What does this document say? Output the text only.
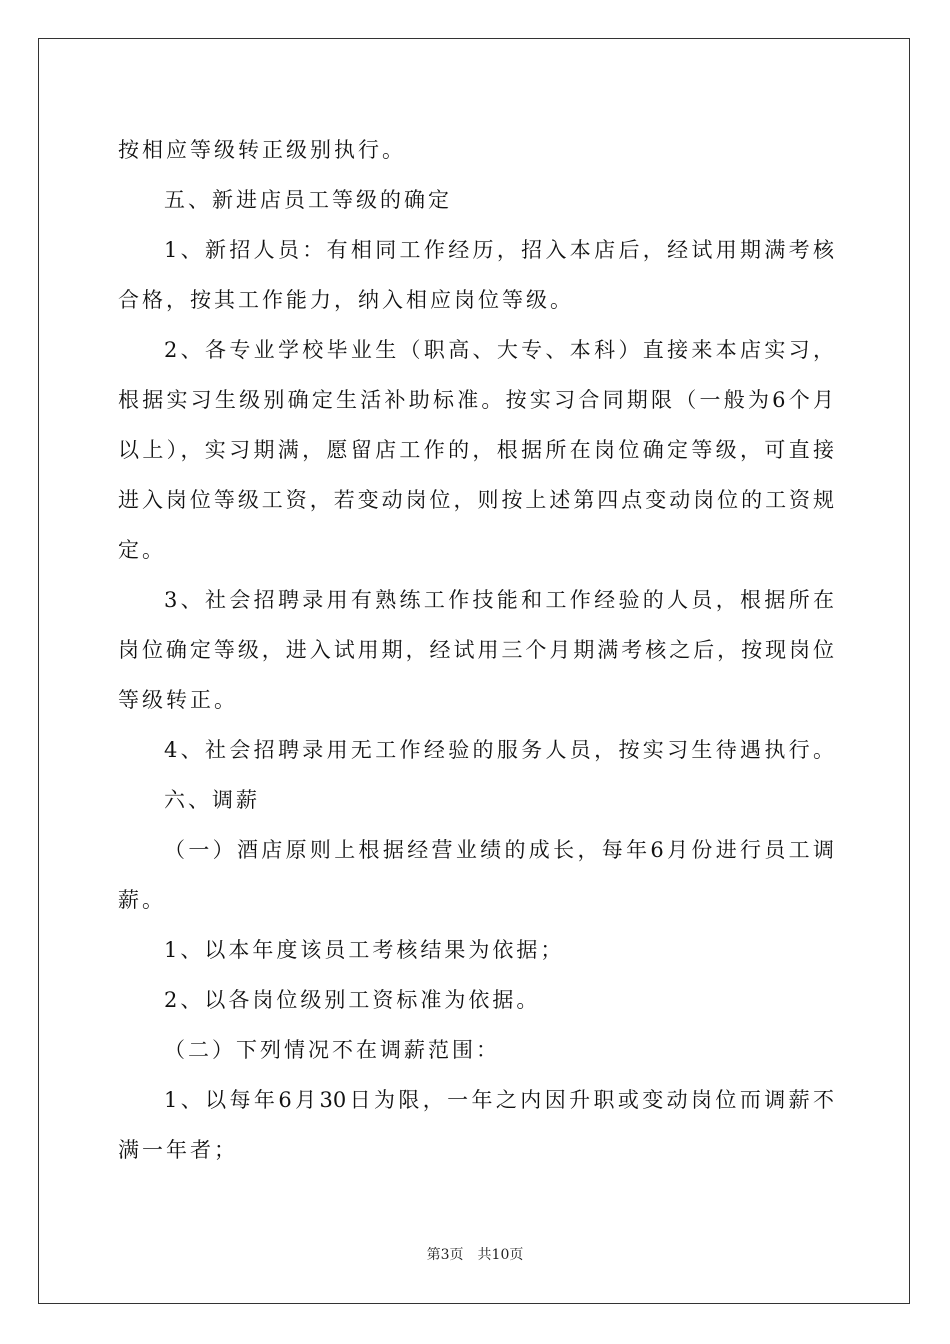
按相应等级转正级别执行。
五、新进店员工等级的确定
1、新招人员：有相同工作经历，招入本店后，经试用期满考核
合格，按其工作能力，纳入相应岗位等级。
2、各专业学校毕业生（职高、大专、本科）直接来本店实习，
根据实习生级别确定生活补助标准。按实习合同期限（一般为6个月
以上），实习期满，愿留店工作的，根据所在岗位确定等级，可直接
进入岗位等级工资，若变动岗位，则按上述第四点变动岗位的工资规
定。
3、社会招聘录用有熟练工作技能和工作经验的人员，根据所在
岗位确定等级，进入试用期，经试用三个月期满考核之后，按现岗位
等级转正。
4、社会招聘录用无工作经验的服务人员，按实习生待遇执行。
六、调薪
（一）酒店原则上根据经营业绩的成长，每年6月份进行员工调
薪。
1、以本年度该员工考核结果为依据；
2、以各岗位级别工资标准为依据。
（二）下列情况不在调薪范围：
1、以每年6月30日为限，一年之内因升职或变动岗位而调薪不
满一年者；
第3页 共10页
